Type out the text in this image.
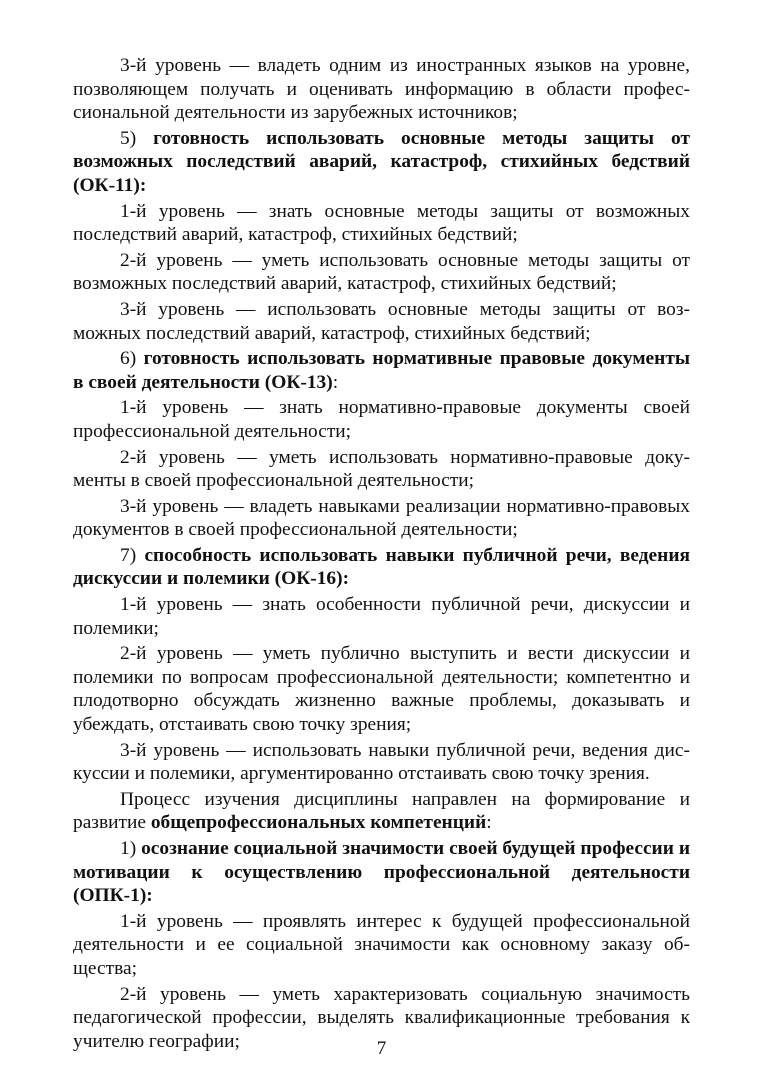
3-й уровень — владеть одним из иностранных языков на уровне, позволяющем получать и оценивать информацию в области профессиональной деятельности из зарубежных источников;

5) готовность использовать основные методы защиты от возможных последствий аварий, катастроф, стихийных бедствий (ОК-11):

1-й уровень — знать основные методы защиты от возможных последствий аварий, катастроф, стихийных бедствий;

2-й уровень — уметь использовать основные методы защиты от возможных последствий аварий, катастроф, стихийных бедствий;

3-й уровень — использовать основные методы защиты от возможных последствий аварий, катастроф, стихийных бедствий;

6) готовность использовать нормативные правовые документы в своей деятельности (ОК-13):

1-й уровень — знать нормативно-правовые документы своей профессиональной деятельности;

2-й уровень — уметь использовать нормативно-правовые документы в своей профессиональной деятельности;

3-й уровень — владеть навыками реализации нормативно-правовых документов в своей профессиональной деятельности;

7) способность использовать навыки публичной речи, ведения дискуссии и полемики (ОК-16):

1-й уровень — знать особенности публичной речи, дискуссии и полемики;

2-й уровень — уметь публично выступить и вести дискуссии и полемики по вопросам профессиональной деятельности; компетентно и плодотворно обсуждать жизненно важные проблемы, доказывать и убеждать, отстаивать свою точку зрения;

3-й уровень — использовать навыки публичной речи, ведения дискуссии и полемики, аргументированно отстаивать свою точку зрения.

Процесс изучения дисциплины направлен на формирование и развитие общепрофессиональных компетенций:

1) осознание социальной значимости своей будущей профессии и мотивации к осуществлению профессиональной деятельности (ОПК-1):

1-й уровень — проявлять интерес к будущей профессиональной деятельности и ее социальной значимости как основному заказу общества;

2-й уровень — уметь характеризовать социальную значимость педагогической профессии, выделять квалификационные требования к учителю географии;	7
